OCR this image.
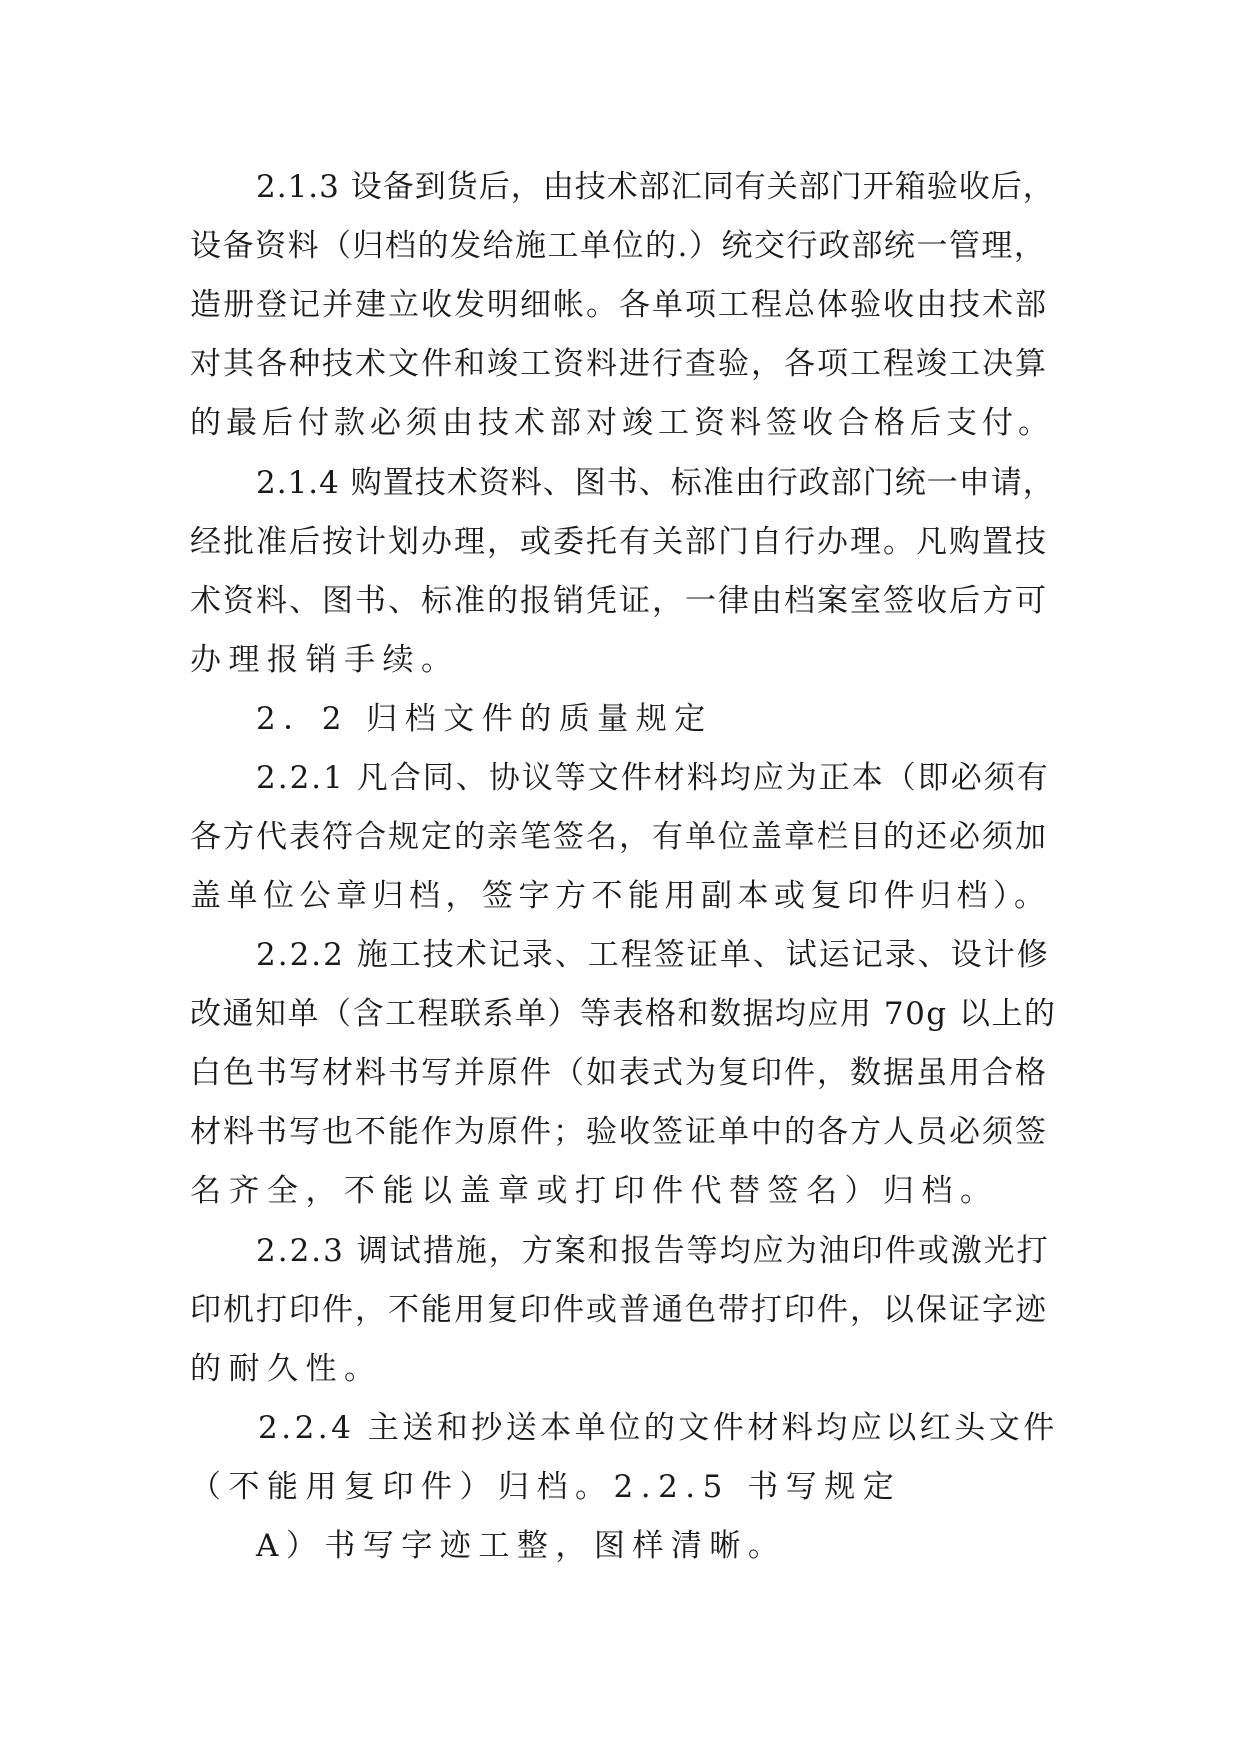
2.1.3 设备到货后，由技术部汇同有关部门开箱验收后，

设备资料（归档的发给施工单位的.）统交行政部统一管理，

造册登记并建立收发明细帐。各单项工程总体验收由技术部

对其各种技术文件和竣工资料进行查验，各项工程竣工决算

的最后付款必须由技术部对竣工资料签收合格后支付。

2.1.4 购置技术资料、图书、标准由行政部门统一申请，

经批准后按计划办理，或委托有关部门自行办理。凡购置技

术资料、图书、标准的报销凭证，一律由档案室签收后方可

办理报销手续。

2．2 归档文件的质量规定

2.2.1 凡合同、协议等文件材料均应为正本（即必须有

各方代表符合规定的亲笔签名，有单位盖章栏目的还必须加

盖单位公章归档，签字方不能用副本或复印件归档）。

2.2.2 施工技术记录、工程签证单、试运记录、设计修

改通知单（含工程联系单）等表格和数据均应用 70g 以上的

白色书写材料书写并原件（如表式为复印件，数据虽用合格

材料书写也不能作为原件；验收签证单中的各方人员必须签

名齐全，不能以盖章或打印件代替签名）归档。

2.2.3 调试措施，方案和报告等均应为油印件或激光打

印机打印件，不能用复印件或普通色带打印件，以保证字迹

的耐久性。

2.2.4 主送和抄送本单位的文件材料均应以红头文件

（不能用复印件）归档。2.2.5 书写规定

A）书写字迹工整，图样清晰。
